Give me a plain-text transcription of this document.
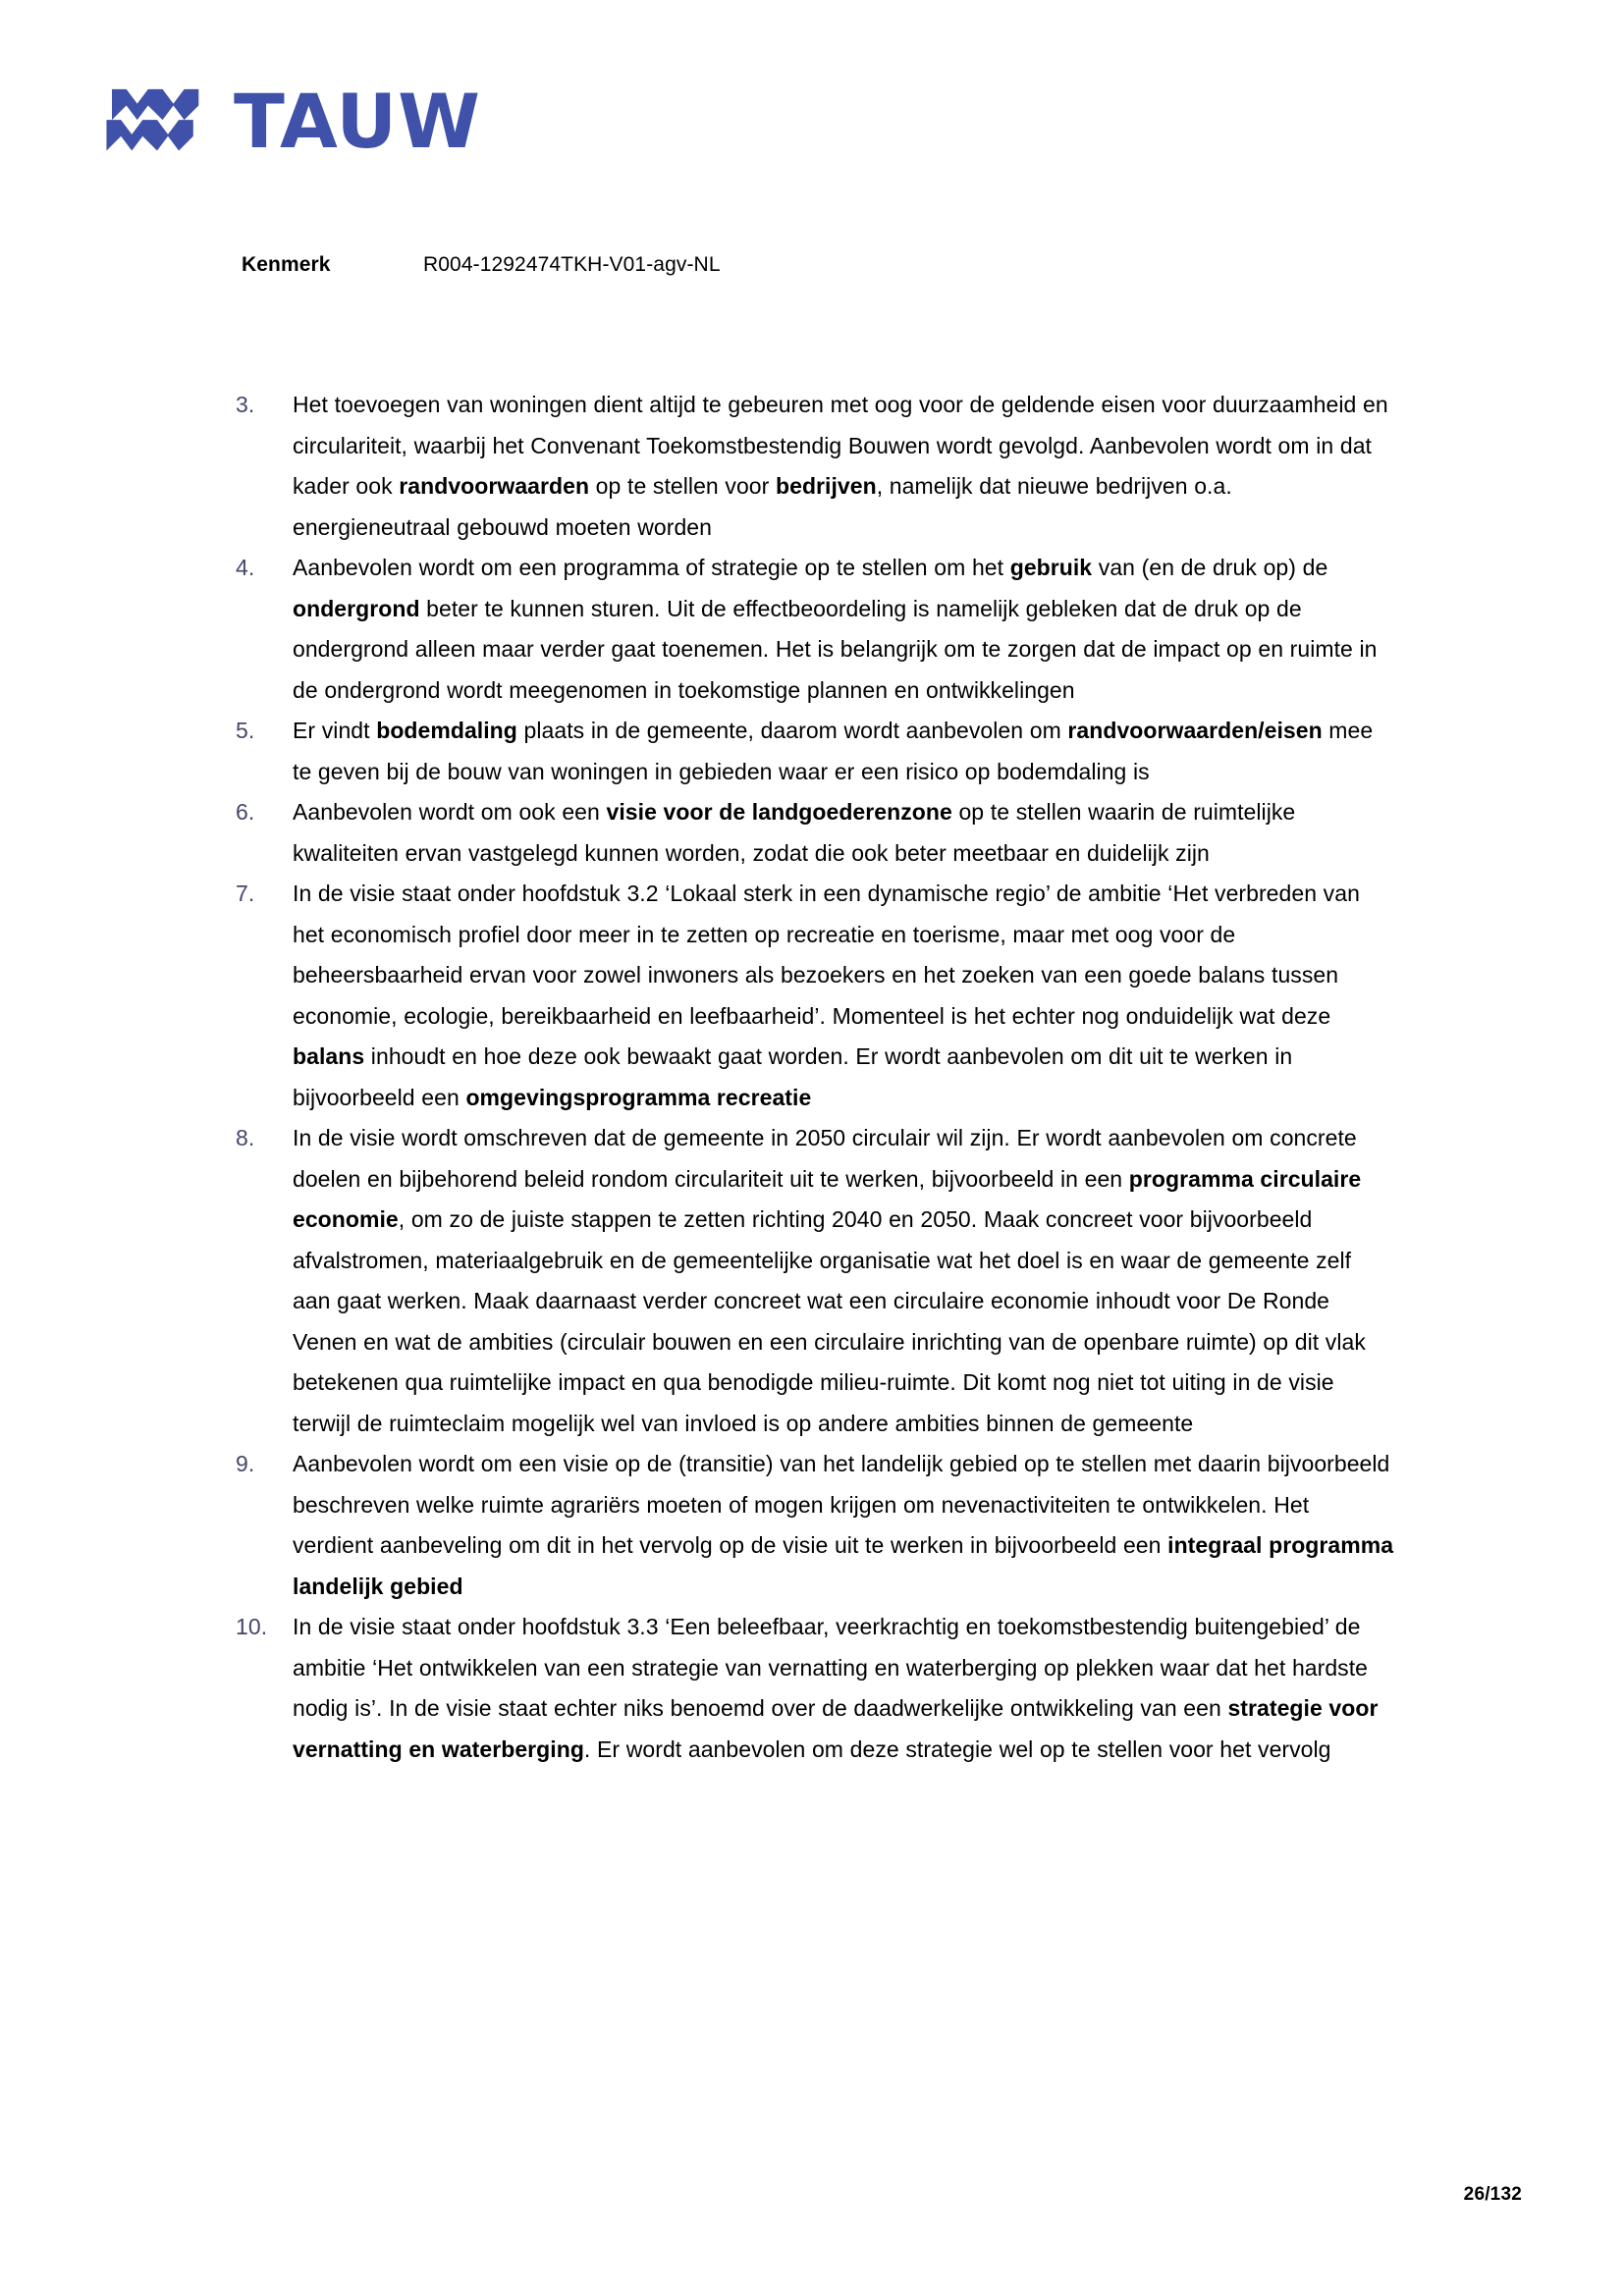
TAUW
Kenmerk	R004-1292474TKH-V01-agv-NL
3.	Het toevoegen van woningen dient altijd te gebeuren met oog voor de geldende eisen voor duurzaamheid en circulariteit, waarbij het Convenant Toekomstbestendig Bouwen wordt gevolgd. Aanbevolen wordt om in dat kader ook randvoorwaarden op te stellen voor bedrijven, namelijk dat nieuwe bedrijven o.a. energieneutraal gebouwd moeten worden
4.	Aanbevolen wordt om een programma of strategie op te stellen om het gebruik van (en de druk op) de ondergrond beter te kunnen sturen. Uit de effectbeoordeling is namelijk gebleken dat de druk op de ondergrond alleen maar verder gaat toenemen. Het is belangrijk om te zorgen dat de impact op en ruimte in de ondergrond wordt meegenomen in toekomstige plannen en ontwikkelingen
5.	Er vindt bodemdaling plaats in de gemeente, daarom wordt aanbevolen om randvoorwaarden/eisen mee te geven bij de bouw van woningen in gebieden waar er een risico op bodemdaling is
6.	Aanbevolen wordt om ook een visie voor de landgoederenzone op te stellen waarin de ruimtelijke kwaliteiten ervan vastgelegd kunnen worden, zodat die ook beter meetbaar en duidelijk zijn
7.	In de visie staat onder hoofdstuk 3.2 ‘Lokaal sterk in een dynamische regio’ de ambitie ‘Het verbreden van het economisch profiel door meer in te zetten op recreatie en toerisme, maar met oog voor de beheersbaarheid ervan voor zowel inwoners als bezoekers en het zoeken van een goede balans tussen economie, ecologie, bereikbaarheid en leefbaarheid’. Momenteel is het echter nog onduidelijk wat deze balans inhoudt en hoe deze ook bewaakt gaat worden. Er wordt aanbevolen om dit uit te werken in bijvoorbeeld een omgevingsprogramma recreatie
8.	In de visie wordt omschreven dat de gemeente in 2050 circulair wil zijn. Er wordt aanbevolen om concrete doelen en bijbehorend beleid rondom circulariteit uit te werken, bijvoorbeeld in een programma circulaire economie, om zo de juiste stappen te zetten richting 2040 en 2050. Maak concreet voor bijvoorbeeld afvalstromen, materiaalgebruik en de gemeentelijke organisatie wat het doel is en waar de gemeente zelf aan gaat werken. Maak daarnaast verder concreet wat een circulaire economie inhoudt voor De Ronde Venen en wat de ambities (circulair bouwen en een circulaire inrichting van de openbare ruimte) op dit vlak betekenen qua ruimtelijke impact en qua benodigde milieu-ruimte. Dit komt nog niet tot uiting in de visie terwijl de ruimteclaim mogelijk wel van invloed is op andere ambities binnen de gemeente
9.	Aanbevolen wordt om een visie op de (transitie) van het landelijk gebied op te stellen met daarin bijvoorbeeld beschreven welke ruimte agrariërs moeten of mogen krijgen om nevenactiviteiten te ontwikkelen. Het verdient aanbeveling om dit in het vervolg op de visie uit te werken in bijvoorbeeld een integraal programma landelijk gebied
10.	In de visie staat onder hoofdstuk 3.3 ‘Een beleefbaar, veerkrachtig en toekomstbestendig buitengebied’ de ambitie ‘Het ontwikkelen van een strategie van vernatting en waterberging op plekken waar dat het hardste nodig is’. In de visie staat echter niks benoemd over de daadwerkelijke ontwikkeling van een strategie voor vernatting en waterberging. Er wordt aanbevolen om deze strategie wel op te stellen voor het vervolg
26/132
